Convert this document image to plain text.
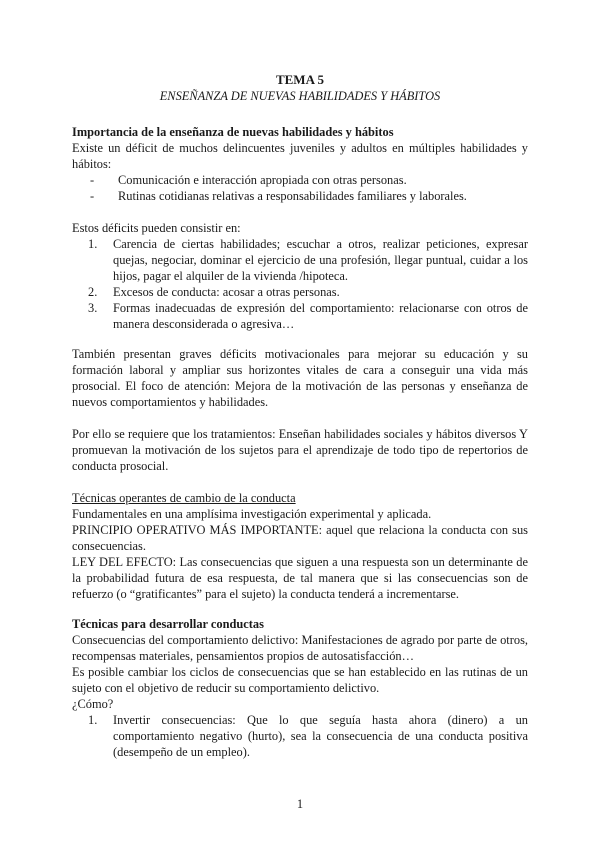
TEMA 5
ENSEÑANZA DE NUEVAS HABILIDADES Y HÁBITOS

Importancia de la enseñanza de nuevas habilidades y hábitos

Existe un déficit de muchos delincuentes juveniles y adultos en múltiples habilidades y hábitos:

- Comunicación e interacción apropiada con otras personas.
- Rutinas cotidianas relativas a responsabilidades familiares y laborales.

Estos déficits pueden consistir en:

1. Carencia de ciertas habilidades; escuchar a otros, realizar peticiones, expresar quejas, negociar, dominar el ejercicio de una profesión, llegar puntual, cuidar a los hijos, pagar el alquiler de la vivienda /hipoteca.
2. Excesos de conducta: acosar a otras personas.
3. Formas inadecuadas de expresión del comportamiento: relacionarse con otros de manera desconsiderada o agresiva…

También presentan graves déficits motivacionales para mejorar su educación y su formación laboral y ampliar sus horizontes vitales de cara a conseguir una vida más prosocial. El foco de atención: Mejora de la motivación de las personas y enseñanza de nuevos comportamientos y habilidades.

Por ello se requiere que los tratamientos: Enseñan habilidades sociales y hábitos diversos Y promuevan la motivación de los sujetos para el aprendizaje de todo tipo de repertorios de conducta prosocial.

Técnicas operantes de cambio de la conducta

Fundamentales en una amplísima investigación experimental y aplicada.

PRINCIPIO OPERATIVO MÁS IMPORTANTE: aquel que relaciona la conducta con sus consecuencias.

LEY DEL EFECTO: Las consecuencias que siguen a una respuesta son un determinante de la probabilidad futura de esa respuesta, de tal manera que si las consecuencias son de refuerzo (o “gratificantes” para el sujeto) la conducta tenderá a incrementarse.

Técnicas para desarrollar conductas

Consecuencias del comportamiento delictivo: Manifestaciones de agrado por parte de otros, recompensas materiales, pensamientos propios de autosatisfacción…

Es posible cambiar los ciclos de consecuencias que se han establecido en las rutinas de un sujeto con el objetivo de reducir su comportamiento delictivo.

¿Cómo?

1. Invertir consecuencias: Que lo que seguía hasta ahora (dinero) a un comportamiento negativo (hurto), sea la consecuencia de una conducta positiva (desempeño de un empleo).
1
